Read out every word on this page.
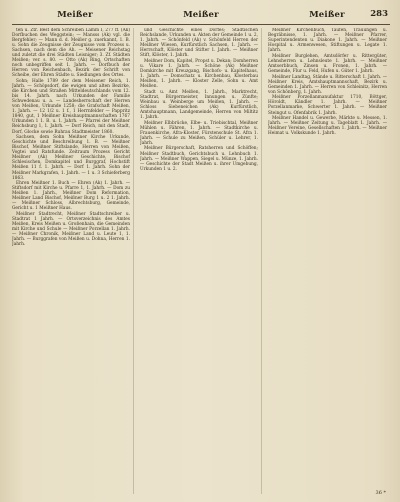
Meißer	Meißer	Meißer	283

ten u. Ztr. Best dem Schreiben Lamm I, 277 ff. (Ak) Dorfbuchen des Weggstein; — Mansss (Ak) vgl. die Bergfehler; — Mann d. d. Meißer g. zuerkannt, 1. B. u. Sohn die Zeugnisse der Zeugnisse vom Prozess u. Sachsen, nach dem die Ah. — Meisener Reichstag und zuletzt die drei Städten Leisniger; 3. Zf. Städten Meißen; ver. s. 80. — Otto (Ak) Ring, Ortschaften noch unbegriffen seit 1. Jahrh. — Dorfbuch der Herren von Reichenbach, Bezirk der Schrift von Scheibe, der Ehren Städte u. Siedlungen des Ortes.

Sohn; Halle 1789 der dem Meisener Reich, 1. Jahrh. — Schöpsdorf, die ewigen und alten Bezirke, die Kirchen und Straßen Mitteldeutschlands vom 12. bis 14. Jahrh. nach Urkunden der Familie Schwedenau u. a. — Landesherrschaft der Herren von Meißen, Urkunde 1258; die Grafschaft Meißen, 1. Jahrh. — 12 1/2 u. 1 f., 1 Herrnfelder — Pappritz 1840, gut, 1 Meißner Kreishauptmannschaften 1767 Urkunden 1 1. B. u. 1. Jahrh. — Pfarrei der Meißner Reichsburg 1, 1. Jahrh. — Dorf Reich, mit den Stadt, Dorf, Glocke sowie Ruhrau Stadtmeister 1860.

Sachsen, dem Sohn Meißner Kirche Urkunde, Geschichte und Beschreibung 1. B. — Meißner Bischof, Meißner Stiftslande, Herren von Meißen, Vogtei und Ratsfunde. Zeitraum Prozess Gericht Meißner (Ak) Meißner Geschichte, Bischof Schlesischen, Domkapitel und Burggraf, Hochstift Meißen 11 f. 1. Jahrh. — Dorf 1. Jahrh. Sohn der Meißner Markgrafen, 1. Jahrh. — 1 u. 3 Schieferberg 1863.

Ehren Meißner 1. Buch — Ehren (Ak) 1. Jahrh. — Stiftsdorf mit Kirche u. Pfarre 1, 1. Jahrh. — Dom zu Meißen 1. Jahrh., Meißner Dom Reformation, Meißner Land Bischof, Meißner Burg 1 u. 2 1. Jahrh. — Meißner Schloss, Albrechtsburg, Gemeinde, Gericht u. 1 Meißner Haus.

Meißner Stadtrecht, Meißner Stadtschreiber u. Stadtrat 1 Jahrh. — Ortsverzeichnis des Amtes Meißen, Kreis Meißen u. Großenhain, die Gemeinden mit Kirche und Schule — Meißner Porzellan 1. Jahrh. — Meißner Chronik, Meißner Land u. Leute 1, 1. Jahrh. — Burggrafen von Meißen u. Dohna, Herren 1. Jahrh.

und Geschichte eines Dorfes; Städtischen Reichslande, Urkunden u. Akten der Gemeinde 1 u. 2, 1. Jahrh. — Schönfeld (Ak) v. Schönfeld Herren der Meißner Wiesen, Kurfürstlich Sachsen, 1. Jahrh. — Herrschaft, Klöster und Stifter 1. Jahrh. — Meißner Stift, Klöster, 1. Jahrh.

Meißner Dom, Kapitel, Propst u. Dekan; Domherren u. Vikare 1. Jahrh. — Schöne (Ak) Meißner Domkirche mit Kreuzgang, Bischofs- u. Kapitelhaus, 1. Jahrh. — Domschatz u. Kirchenbau, Klosterbau Meißen, 1. Jahrh. — Kloster Zelle, Sohn u. Amt Meißen.

Stadt u. Amt Meißen, 1. Jahrh., Marktrecht, Stadtrat, Bürgermeister, Innungen u. Zünfte; Weinbau u. Weinberge um Meißen, 1. Jahrh. — Schloss Siebeneichen (Ak) Kurfürstlich, Amtshauptmann, Landgemeinde, Herren von Miltitz 1. Jahrh.

Meißner Elbbrücke, Elbe- u. Triebischtal, Meißner Mühlen u. Fähren, 1. Jahrh. — Stadtkirche u. Frauenkirche, Afra-Kloster, Fürstenschule St. Afra 1. Jahrh. — Schule zu Meißen, Schüler u. Lehrer, 1. Jahrh.

Meißner Bürgerschaft, Ratsherren und Schöffen; Meißner Stadtbuch, Gerichtsbuch u. Lehnbuch 1. Jahrh. — Meißner Wappen, Siegel u. Münze, 1. Jahrh. — Geschichte der Stadt Meißen u. ihrer Umgebung, Urkunden 1 u. 2.

Meißner Kirchenbuch, Taufen, Trauungen u. Begräbnisse, 1. Jahrh. — Meißner Pfarrer, Superintendenten u. Diakone 1. Jahrh. — Meißner Hospital u. Armenwesen, Stiftungen u. Legate 1. Jahrh.

Meißner Burglehen, Amtsdörfer u. Rittergüter, Lehnsherren u. Lehnsleute 1. Jahrh. — Meißner Amtserbbuch, Zinsen u. Fronen, 1. Jahrh. — Gemeinde, Flur u. Feld, Hufen u. Güter 1. Jahrh.

Meißner Landtag, Stände u. Ritterschaft 1. Jahrh. — Meißner Kreis, Amtshauptmannschaft, Bezirk u. Gemeinden 1. Jahrh. — Herren von Schleinitz, Herren von Schönberg, 1. Jahrh.

Meißner Porzellanmanufaktur 1710, Böttger, Höroldt, Kändler 1. Jahrh. — Meißner Porzellanmarke, Schwerter 1. Jahrh. — Meißner Steingut u. Ofenfabrik 1. Jahrh.

Meißner Handel u. Gewerbe, Märkte u. Messen, 1. Jahrh. — Meißner Zeitung u. Tageblatt 1. Jahrh. — Meißner Vereine, Gesellschaften 1. Jahrh. — Meißner Heimat u. Volkskunde 1. Jahrh.

36 *
